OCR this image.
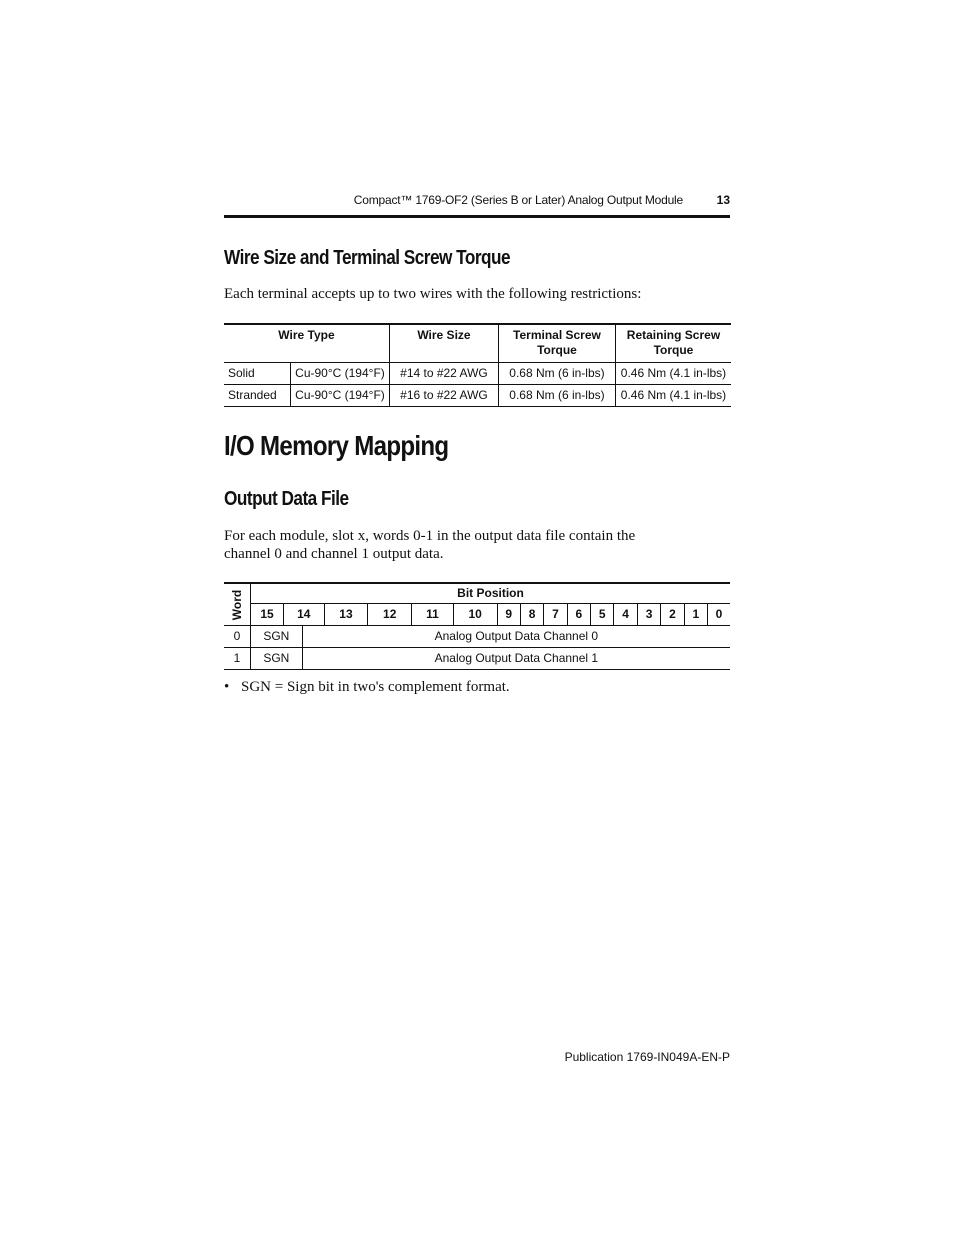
Compact™ 1769-OF2 (Series B or Later) Analog Output Module	13
Wire Size and Terminal Screw Torque

Each terminal accepts up to two wires with the following restrictions:

Wire Type		Wire Size	Terminal Screw Torque	Retaining Screw Torque
Solid	Cu-90°C (194°F)	#14 to #22 AWG	0.68 Nm (6 in-lbs)	0.46 Nm (4.1 in-lbs)
Stranded	Cu-90°C (194°F)	#16 to #22 AWG	0.68 Nm (6 in-lbs)	0.46 Nm (4.1 in-lbs)
I/O Memory Mapping
Output Data File

For each module, slot x, words 0-1 in the output data file contain the
channel 0 and channel 1 output data.

Word	Bit Position																
	15	14		13	12	11	10	9	8	7	6	5	4	3	2	1	0
0	SGN		Analog Output Data Channel 0														
1	SGN		Analog Output Data Channel 1														
• SGN = Sign bit in two's complement format.
Publication 1769-IN049A-EN-P
